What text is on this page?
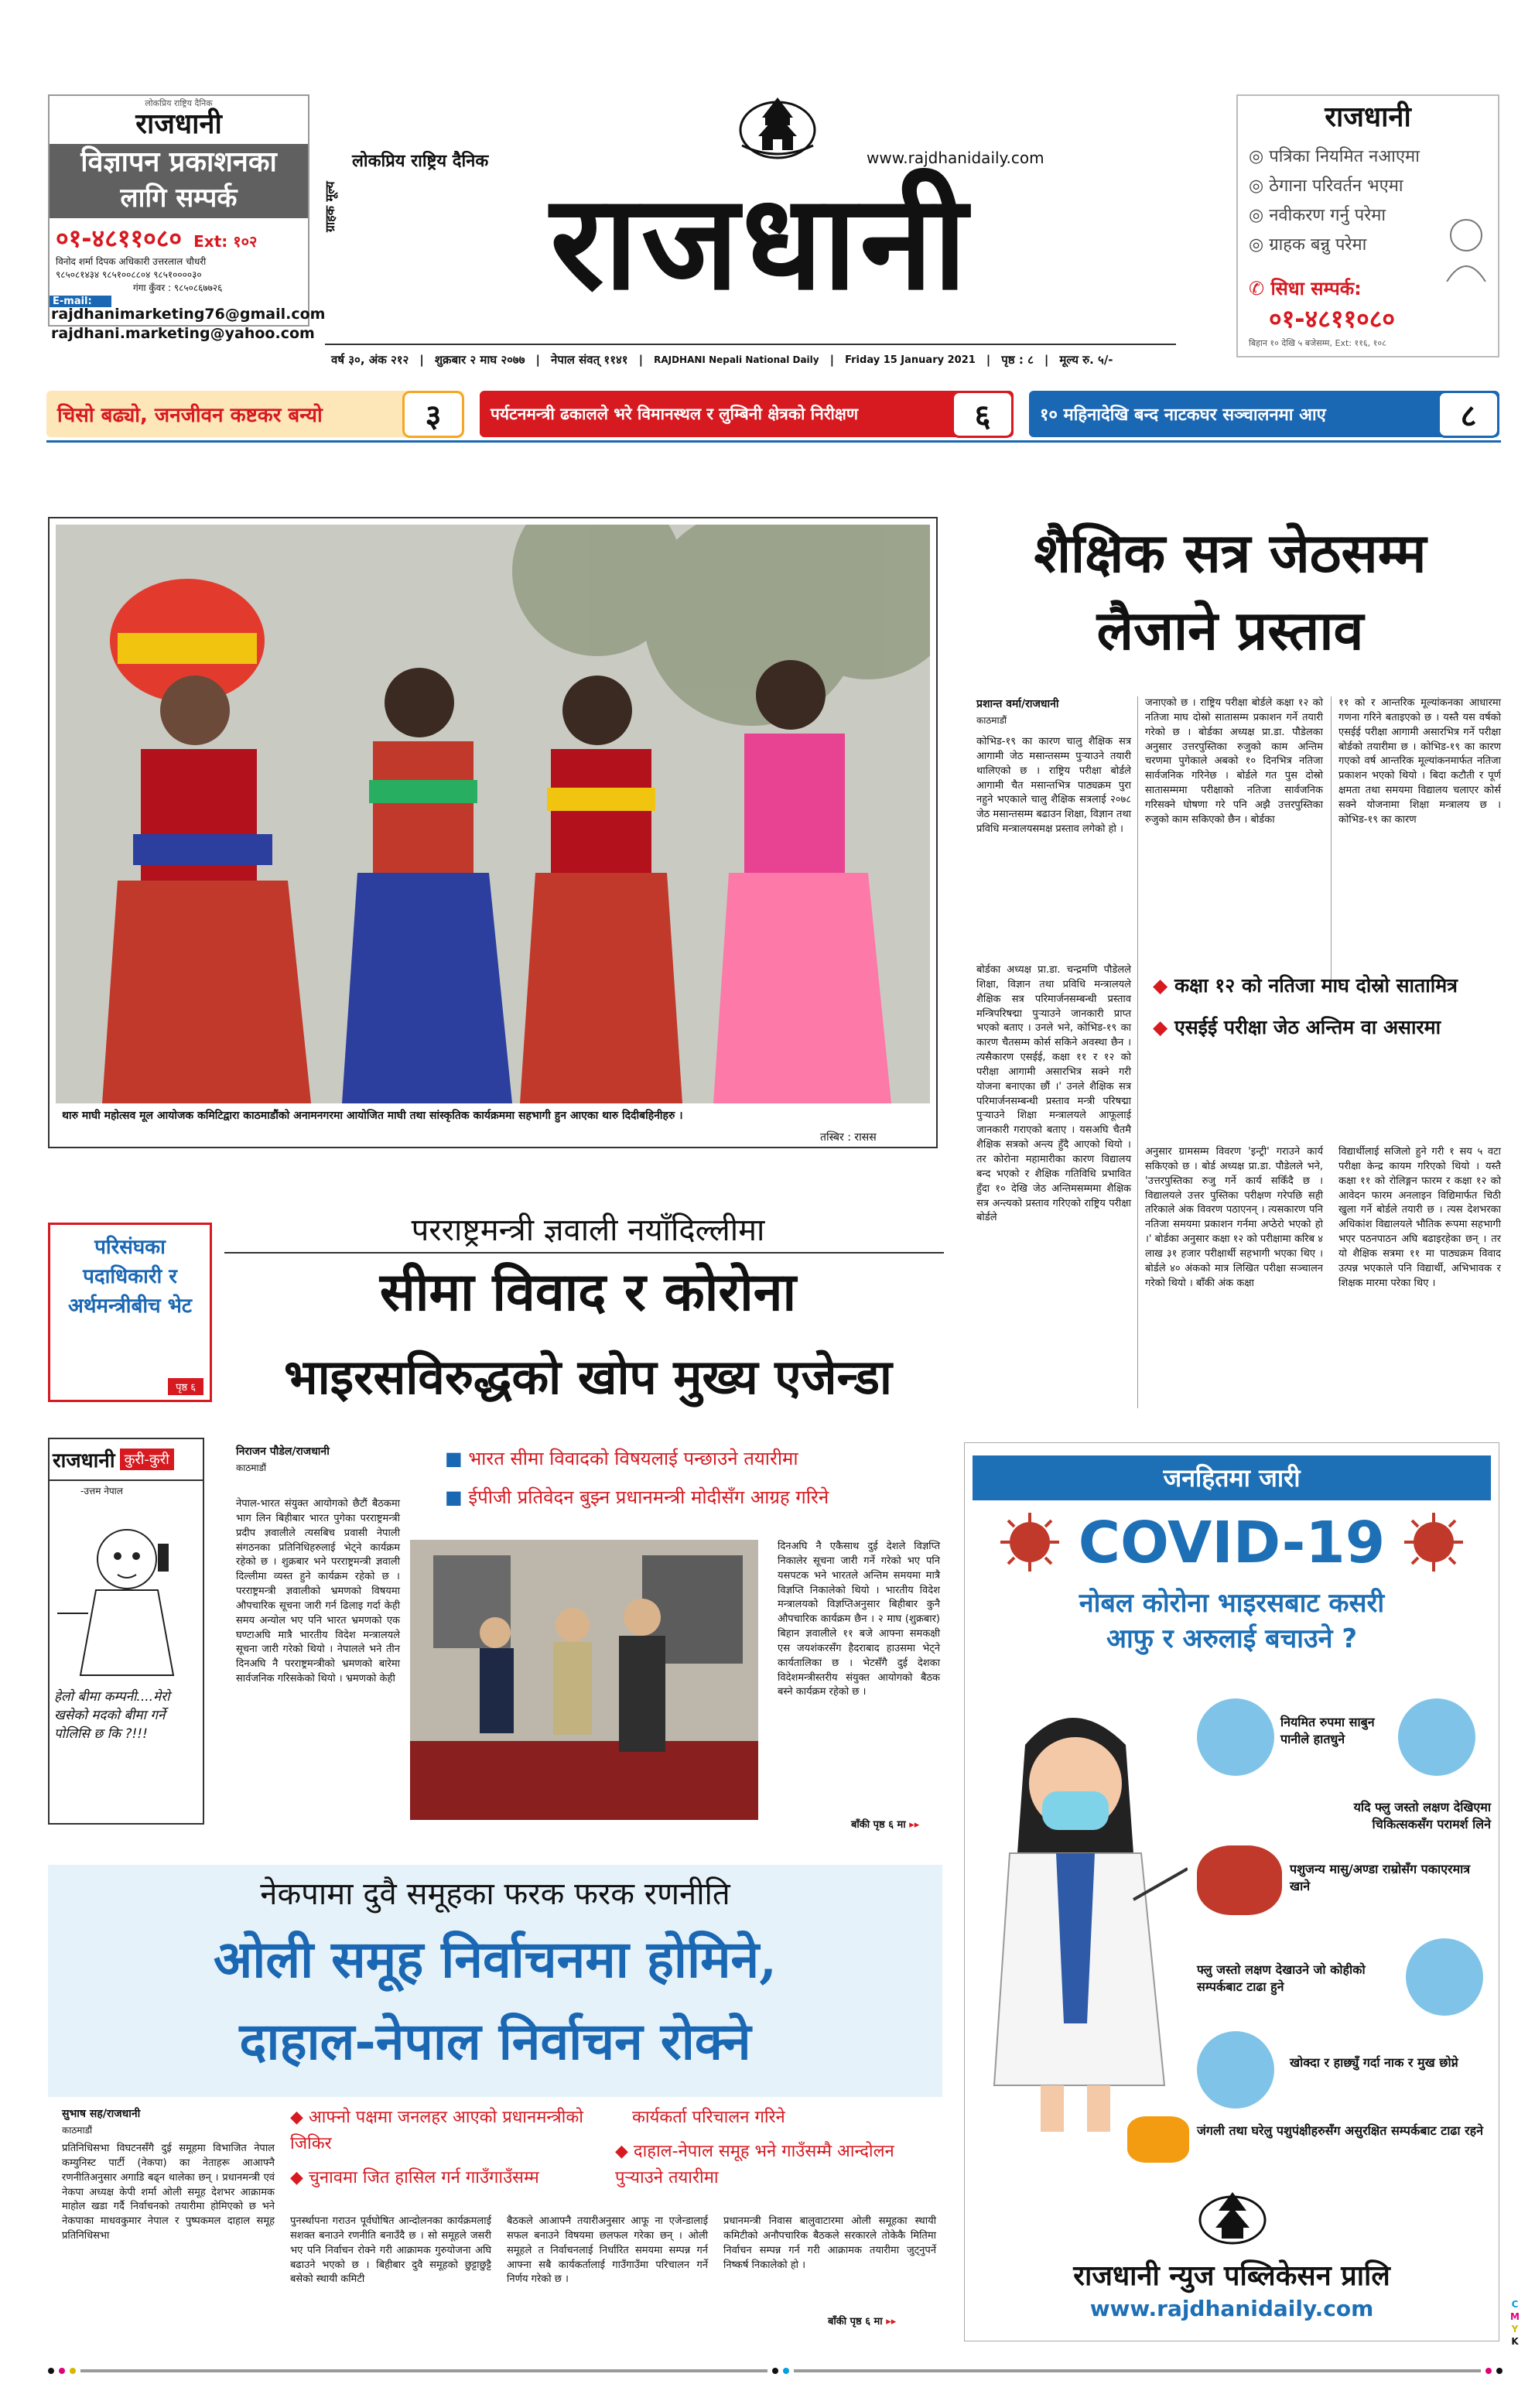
लोकप्रिय राष्ट्रिय दैनिक
राजधानी
विज्ञापन प्रकाशनका
लागि सम्पर्क
०१-४८११०८० Ext: १०२
विनोद शर्मा दिपक अधिकारी उत्तरलाल चौधरी
९८५०८१४३४ ९८५१००८८०४ ९८५१००००३०
गंगा कुँवर : ९८५०८६७७२६
E-mail:
rajdhanimarketing76@gmail.com
rajdhani.marketing@yahoo.com
ग्राहक मूल्य
लोकप्रिय राष्ट्रिय दैनिक	www.rajdhanidaily.com
राजधानी
वर्ष ३०, अंक २१२ | शुक्रबार २ माघ २०७७ | नेपाल संवत् ११४१ | RAJDHANI Nepali National Daily | Friday 15 January 2021 | पृष्ठ : ८ | मूल्य रु. ५/-
राजधानी
◎ पत्रिका नियमित नआएमा
◎ ठेगाना परिवर्तन भएमा
◎ नवीकरण गर्नु परेमा
◎ ग्राहक बन्नु परेमा
✆ सिधा सम्पर्क:
०१-४८११०८०
बिहान १० देखि ५ बजेसम्म, Ext: ११६, १०८
चिसो बढ्यो, जनजीवन कष्टकर बन्यो	३	पर्यटनमन्त्री ढकालले भरे विमानस्थल र लुम्बिनी क्षेत्रको निरीक्षण	६	१० महिनादेखि बन्द नाटकघर सञ्चालनमा आए	८
थारु माघी महोत्सव मूल आयोजक कमिटिद्वारा काठमाडौंको अनामनगरमा आयोजित माघी तथा सांस्कृतिक कार्यक्रममा सहभागी हुन आएका थारु दिदीबहिनीहरु ।
तस्बिर : रासस
शैक्षिक सत्र जेठसम्म
लैजाने प्रस्ताव
प्रशान्त वर्मा/राजधानी
काठमाडौं
कोभिड-१९ का कारण चालु शैक्षिक सत्र आगामी जेठ मसान्तसम्म पुऱ्याउने तयारी थालिएको छ । राष्ट्रिय परीक्षा बोर्डले आगामी चैत मसान्तभित्र पाठ्यक्रम पुरा नहुने भएकाले चालु शैक्षिक सत्रलाई २०७८ जेठ मसान्तसम्म बढाउन शिक्षा, विज्ञान तथा प्रविधि मन्त्रालयसमक्ष प्रस्ताव लगेको हो ।
बोर्डका अध्यक्ष प्रा.डा. चन्द्रमणि पौडेलले शिक्षा, विज्ञान तथा प्रविधि मन्त्रालयले शैक्षिक सत्र परिमार्जनसम्बन्धी प्रस्ताव मन्त्रिपरिषद्मा पुऱ्याउने जानकारी प्राप्त भएको बताए । उनले भने, कोभिड-१९ का कारण चैतसम्म कोर्स सकिने अवस्था छैन । त्यसैकारण एसईई, कक्षा ११ र १२ को परीक्षा आगामी असारभित्र सक्ने गरी योजना बनाएका छौं ।' उनले शैक्षिक सत्र परिमार्जनसम्बन्धी प्रस्ताव मन्त्री परिषद्मा पुऱ्याउने शिक्षा मन्त्रालयले आफूलाई जानकारी गराएको बताए । यसअघि चैतमै शैक्षिक सत्रको अन्त्य हुँदै आएको थियो । तर कोरोना महामारीका कारण विद्यालय बन्द भएको र शैक्षिक गतिविधि प्रभावित हुँदा १० देखि जेठ अन्तिमसम्ममा शैक्षिक सत्र अन्त्यको प्रस्ताव गरिएको राष्ट्रिय परीक्षा बोर्डले
जनाएको छ । राष्ट्रिय परीक्षा बोर्डले कक्षा १२ को नतिजा माघ दोस्रो सातासम्म प्रकाशन गर्ने तयारी गरेको छ । बोर्डका अध्यक्ष प्रा.डा. पौडेलका अनुसार उत्तरपुस्तिका रुजुको काम अन्तिम चरणमा पुगेकाले अबको १० दिनभित्र नतिजा सार्वजनिक गरिनेछ । बोर्डले गत पुस दोस्रो सातासम्ममा परीक्षाको नतिजा सार्वजनिक गरिसक्ने घोषणा गरे पनि अझै उत्तरपुस्तिका रुजुको काम सकिएको छैन । बोर्डका
११ को र आन्तरिक मूल्यांकनका आधारमा गणना गरिने बताइएको छ । यस्तै यस वर्षको एसईई परीक्षा आगामी असारभित्र गर्ने परीक्षा बोर्डको तयारीमा छ । कोभिड-१९ का कारण गएको वर्ष आन्तरिक मूल्यांकनमार्फत नतिजा प्रकाशन भएको थियो । बिदा कटौती र पूर्ण क्षमता तथा समयमा विद्यालय चलाएर कोर्स सक्ने योजनामा शिक्षा मन्त्रालय छ । कोभिड-१९ का कारण
◆ कक्षा १२ को नतिजा माघ दोस्रो सातामित्र
◆ एसईई परीक्षा जेठ अन्तिम वा असारमा
अनुसार ग्रामसम्म विवरण 'इन्ट्री' गराउने कार्य सकिएको छ । बोर्ड अध्यक्ष प्रा.डा. पौडेलले भने, 'उत्तरपुस्तिका रुजु गर्ने कार्य सकिँदै छ । विद्यालयले उत्तर पुस्तिका परीक्षण गरेपछि सही तरिकाले अंक विवरण पठाएनन् । त्यसकारण पनि नतिजा समयमा प्रकाशन गर्नमा अप्ठेरो भएको हो ।' बोर्डका अनुसार कक्षा १२ को परीक्षामा करिब ४ लाख ३१ हजार परीक्षार्थी सहभागी भएका थिए । बोर्डले ४० अंकको मात्र लिखित परीक्षा सञ्चालन गरेको थियो । बाँकी अंक कक्षा
विद्यार्थीलाई सजिलो हुने गरी १ सय ५ वटा परीक्षा केन्द्र कायम गरिएको थियो । यस्तै कक्षा ११ को रोलिङ्गन फारम र कक्षा १२ को आवेदन फारम अनलाइन विद्यिमार्फत चिठी खुला गर्ने बोर्डले तयारी छ । त्यस देशभरका अधिकांश विद्यालयले भौतिक रूपमा सहभागी भएर पठनपाठन अघि बढाइरहेका छन् । तर यो शैक्षिक सत्रमा ११ मा पाठ्यक्रम विवाद उत्पन्न भएकाले पनि विद्यार्थी, अभिभावक र शिक्षक मारमा परेका थिए ।
परिसंघका पदाधिकारी र अर्थमन्त्रीबीच भेट
पृष्ठ ६
परराष्ट्रमन्त्री ज्ञवाली नयाँदिल्लीमा
सीमा विवाद र कोरोना
भाइरसविरुद्धको खोप मुख्य एजेन्डा
राजधानी कुरी-कुरी
-उत्तम नेपाल
हेलो बीमा कम्पनी....मेरो खसेको मदको बीमा गर्ने पोलिसि छ कि ?!!!
निराजन पौडेल/राजधानी
काठमाडौं
■	भारत सीमा विवादको विषयलाई पन्छाउने तयारीमा
■ ईपीजी प्रतिवेदन बुझ्न प्रधानमन्त्री मोदीसँग आग्रह गरिने
नेपाल-भारत संयुक्त आयोगको छैटौं बैठकमा भाग लिन बिहीबार भारत पुगेका परराष्ट्रमन्त्री प्रदीप ज्ञवालीले त्यसबिच प्रवासी नेपाली संगठनका प्रतिनिधिहरुलाई भेट्ने कार्यक्रम रहेको छ । शुक्रबार भने परराष्ट्रमन्त्री ज्ञवाली दिल्लीमा व्यस्त हुने कार्यक्रम रहेको छ । परराष्ट्रमन्त्री ज्ञवालीको भ्रमणको विषयमा औपचारिक सूचना जारी गर्न ढिलाइ गर्दा केही समय अन्योल भए पनि भारत भ्रमणको एक घण्टाअघि मात्रै भारतीय विदेश मन्त्रालयले सूचना जारी गरेको थियो । नेपालले भने तीन दिनअघि नै परराष्ट्रमन्त्रीको भ्रमणको बारेमा सार्वजनिक गरिसकेको थियो । भ्रमणको केही
दिनअघि नै एकैसाथ दुई देशले विज्ञप्ति निकालेर सूचना जारी गर्ने गरेको भए पनि यसपटक भने भारतले अन्तिम समयमा मात्रै विज्ञप्ति निकालेको थियो । भारतीय विदेश मन्त्रालयको विज्ञप्तिअनुसार बिहीबार कुनै औपचारिक कार्यक्रम छैन । २ माघ (शुक्रबार) बिहान ज्ञवालीले ११ बजे आफ्ना समकक्षी एस जयशंकरसँग हैदराबाद हाउसमा भेट्ने कार्यतालिका छ । भेटसँगै दुई देशका विदेशमन्त्रीस्तरीय संयुक्त आयोगको बैठक बस्ने कार्यक्रम रहेको छ ।
बाँकी पृष्ठ ६ मा ▸▸
जनहितमा जारी
COVID-19
नोबल कोरोना भाइरसबाट कसरी
आफु र अरुलाई बचाउने ?
नियमित रुपमा साबुन पानीले हातधुने
यदि फ्लु जस्तो लक्षण देखिएमा चिकित्सकसँग परामर्श लिने
पशुजन्य मासु/अण्डा राम्रोसँग पकाएरमात्र खाने
फ्लु जस्तो लक्षण देखाउने जो कोहीको सम्पर्कबाट टाढा हुने
खोक्दा र हाछ्युँ गर्दा नाक र मुख छोप्ने
जंगली तथा घरेलु पशुपंक्षीहरुसँग असुरक्षित सम्पर्कबाट टाढा रहने
राजधानी न्युज पब्लिकेसन प्रालि
www.rajdhanidaily.com
नेकपामा दुवै समूहका फरक फरक रणनीति
ओली समूह निर्वाचनमा होमिने,
दाहाल-नेपाल निर्वाचन रोक्ने
सुभाष सह/राजधानी
काठमाडौं
◆ आफ्नो पक्षमा जनलहर आएको प्रधानमन्त्रीको जिकिर
◆ चुनावमा जित हासिल गर्न गाउँगाउँसम्म
कार्यकर्ता परिचालन गरिने
◆ दाहाल-नेपाल समूह भने गाउँसम्मै आन्दोलन पुऱ्याउने तयारीमा
प्रतिनिधिसभा विघटनसँगै दुई समूहमा विभाजित नेपाल कम्युनिस्ट पार्टी (नेकपा) का नेताहरू आआफ्नै रणनीतिअनुसार अगाडि बढ्न थालेका छन् । प्रधानमन्त्री एवं नेकपा अध्यक्ष केपी शर्मा ओली समूह देशभर आक्रामक माहोल खडा गर्दै निर्वाचनको तयारीमा होमिएको छ भने नेकपाका माधवकुमार नेपाल र पुष्पकमल दाहाल समूह प्रतिनिधिसभा
पुनर्स्थापना गराउन पूर्वघोषित आन्दोलनका कार्यक्रमलाई सशक्त बनाउने रणनीति बनाउँदै छ । सो समूहले जसरी भए पनि निर्वाचन रोक्ने गरी आक्रामक गुरुयोजना अघि बढाउने भएको छ । बिहीबार दुवै समूहको छुट्टाछुट्टै बसेको स्थायी कमिटी
बैठकले आआफ्नै तयारीअनुसार आफू ना एजेन्डालाई सफल बनाउने विषयमा छलफल गरेका छन् । ओली समूहले त निर्वाचनलाई निर्धारित समयमा सम्पन्न गर्न आफ्ना सबै कार्यकर्तालाई गाउँगाउँमा परिचालन गर्ने निर्णय गरेको छ ।
प्रधानमन्त्री निवास बालुवाटारमा ओली समूहका स्थायी कमिटीको अनौपचारिक बैठकले सरकारले तोकेकै मितिमा निर्वाचन सम्पन्न गर्न गरी आक्रामक तयारीमा जुट्नुपर्ने निष्कर्ष निकालेको हो ।
बाँकी पृष्ठ ६ मा ▸▸
C
M
Y
K
